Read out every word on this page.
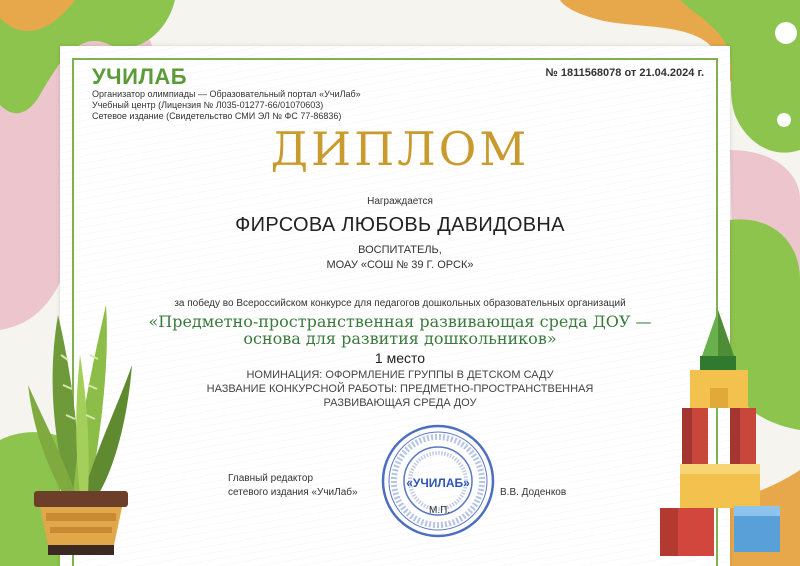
УЧИЛАБ
Организатор олимпиады — Образовательный портал «УчиЛаб»
Учебный центр (Лицензия № Л035-01277-66/01070603)
Сетевое издание (Свидетельство СМИ ЭЛ № ФС 77-86836)
№ 1811568078 от 21.04.2024 г.
ДИПЛОМ
Награждается
ФИРСОВА ЛЮБОВЬ ДАВИДОВНА
ВОСПИТАТЕЛЬ,
МОАУ «СОШ № 39 Г. ОРСК»
за победу во Всероссийском конкурсе для педагогов дошкольных образовательных организаций
«Предметно-пространственная развивающая среда ДОУ —
основа для развития дошкольников»
1 место
НОМИНАЦИЯ: ОФОРМЛЕНИЕ ГРУППЫ В ДЕТСКОМ САДУ
НАЗВАНИЕ КОНКУРСНОЙ РАБОТЫ: ПРЕДМЕТНО-ПРОСТРАНСТВЕННАЯ РАЗВИВАЮЩАЯ СРЕДА ДОУ
Главный редактор
сетевого издания «УчиЛаб»
«УЧИЛАБ»
М.П.
В.В. Доденков
